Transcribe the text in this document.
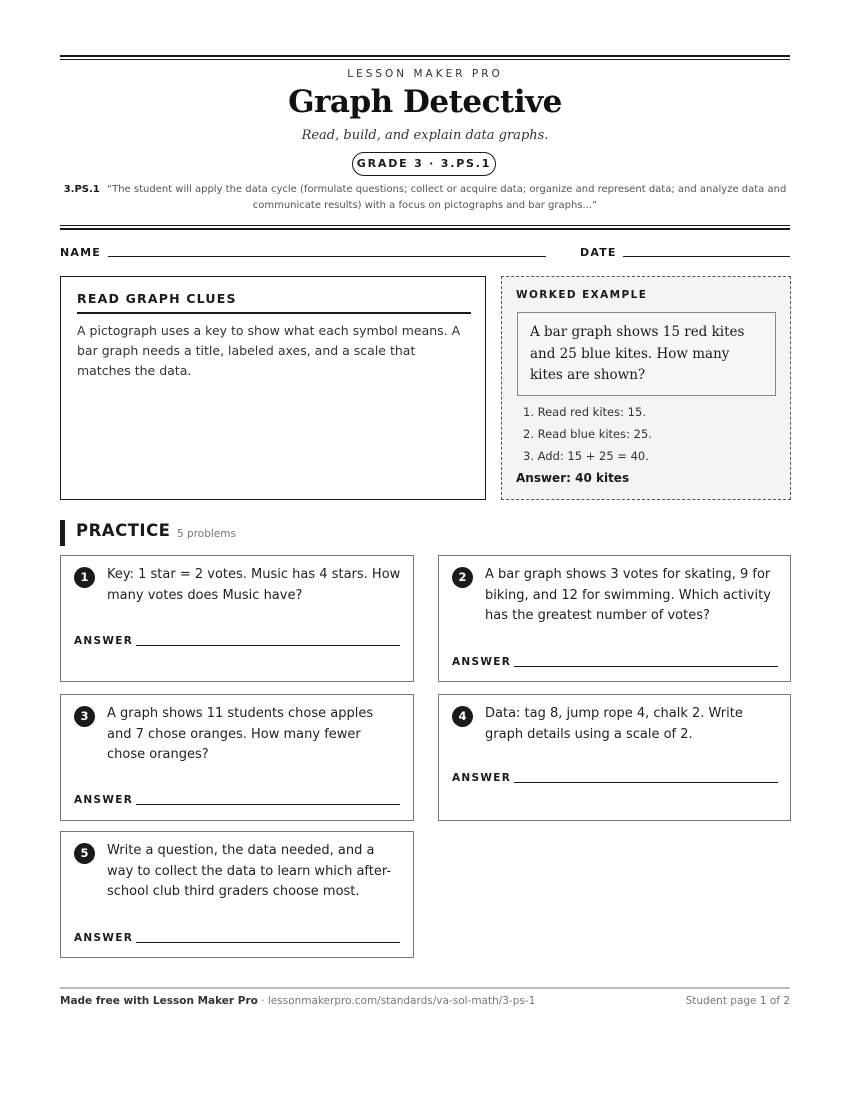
LESSON MAKER PRO
Graph Detective
Read, build, and explain data graphs.
GRADE 3 · 3.PS.1
3.PS.1 “The student will apply the data cycle (formulate questions; collect or acquire data; organize and represent data; and analyze data and communicate results) with a focus on pictographs and bar graphs...”
NAME	DATE
READ GRAPH CLUES
A pictograph uses a key to show what each symbol means. A bar graph needs a title, labeled axes, and a scale that matches the data.
WORKED EXAMPLE
A bar graph shows 15 red kites and 25 blue kites. How many kites are shown?
1. Read red kites: 15.
2. Read blue kites: 25.
3. Add: 15 + 25 = 40.
Answer: 40 kites
PRACTICE 5 problems
1	Key: 1 star = 2 votes. Music has 4 stars. How many votes does Music have?
ANSWER
2	A bar graph shows 3 votes for skating, 9 for biking, and 12 for swimming. Which activity has the greatest number of votes?
ANSWER
3	A graph shows 11 students chose apples and 7 chose oranges. How many fewer chose oranges?
ANSWER
4	Data: tag 8, jump rope 4, chalk 2. Write graph details using a scale of 2.
ANSWER
5	Write a question, the data needed, and a way to collect the data to learn which after-school club third graders choose most.
ANSWER
Made free with Lesson Maker Pro · lessonmakerpro.com/standards/va-sol-math/3-ps-1	Student page 1 of 2
